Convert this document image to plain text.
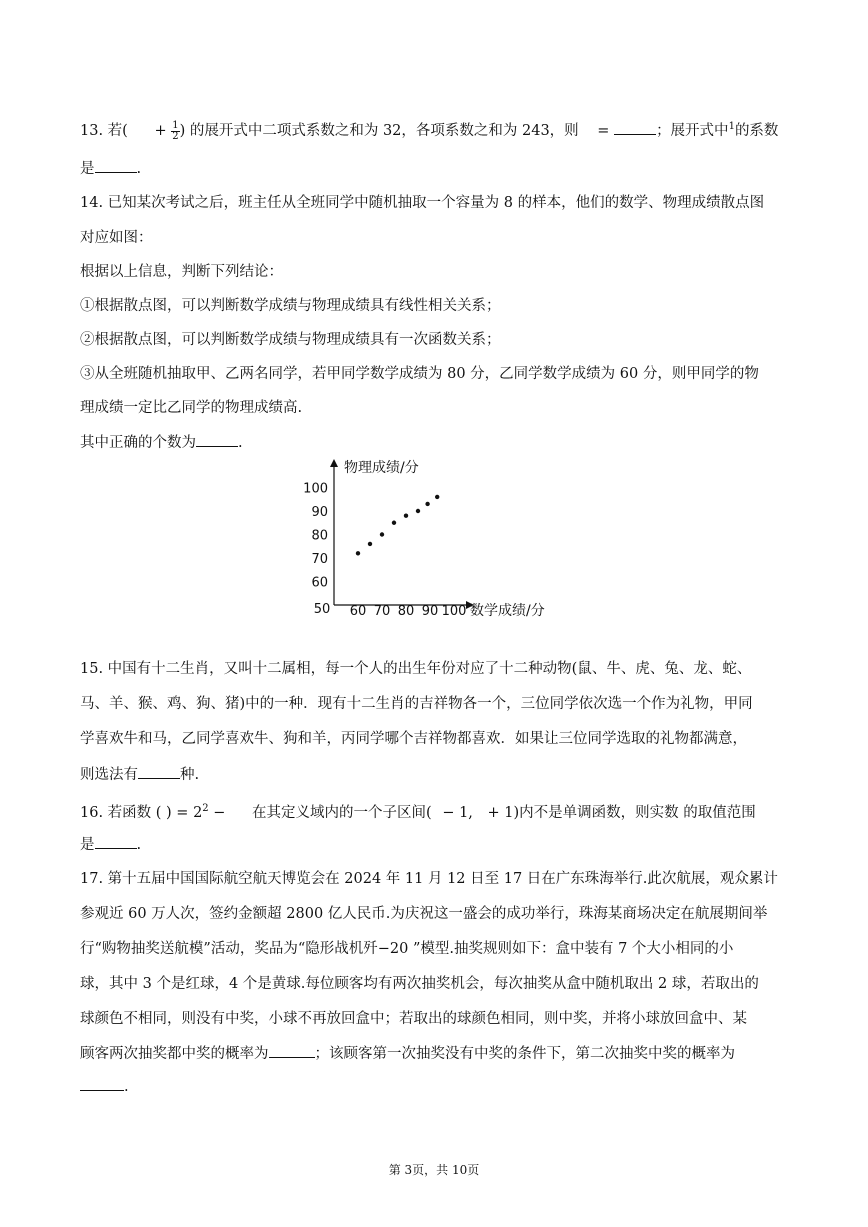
13. 若( + $\frac{1}{2}$ ) 的展开式中二项式系数之和为 32，各项系数之和为 243，则 =	；展开式中 1 的系数
是	.
14. 已知某次考试之后，班主任从全班同学中随机抽取一个容量为 8 的样本，他们的数学、物理成绩散点图
对应如图：
根据以上信息，判断下列结论：
①根据散点图，可以判断数学成绩与物理成绩具有线性相关关系；
②根据散点图，可以判断数学成绩与物理成绩具有一次函数关系；
③从全班随机抽取甲、乙两名同学，若甲同学数学成绩为 80 分，乙同学数学成绩为 60 分，则甲同学的物
理成绩一定比乙同学的物理成绩高.
其中正确的个数为	.
物理成绩/分
数学成绩/分
50 60 70 80 90 100
60
70
80
90
100
15. 中国有十二生肖，又叫十二属相，每一个人的出生年份对应了十二种动物(鼠、牛、虎、兔、龙、蛇、
马、羊、猴、鸡、狗、猪)中的一种．现有十二生肖的吉祥物各一个，三位同学依次选一个作为礼物，甲同
学喜欢牛和马，乙同学喜欢牛、狗和羊，丙同学哪个吉祥物都喜欢．如果让三位同学选取的礼物都满意，
则选法有	种.
16. 若函数 ( ) = $2^2$ − 在其定义域内的一个子区间( − 1, + 1)内不是单调函数，则实数 的取值范围
是	.
17. 第十五届中国国际航空航天博览会在 2024 年 11 月 12 日至 17 日在广东珠海举行.此次航展，观众累计
参观近 60 万人次，签约金额超 2800 亿人民币.为庆祝这一盛会的成功举行，珠海某商场决定在航展期间举
行“购物抽奖送航模”活动，奖品为“隐形战机歼−20 ”模型.抽奖规则如下：盒中装有 7 个大小相同的小
球，其中 3 个是红球，4 个是黄球.每位顾客均有两次抽奖机会，每次抽奖从盒中随机取出 2 球，若取出的
球颜色不相同，则没有中奖，小球不再放回盒中；若取出的球颜色相同，则中奖，并将小球放回盒中、某
顾客两次抽奖都中奖的概率为	；该顾客第一次抽奖没有中奖的条件下，第二次抽奖中奖的概率为
.
第 3页，共 10页
